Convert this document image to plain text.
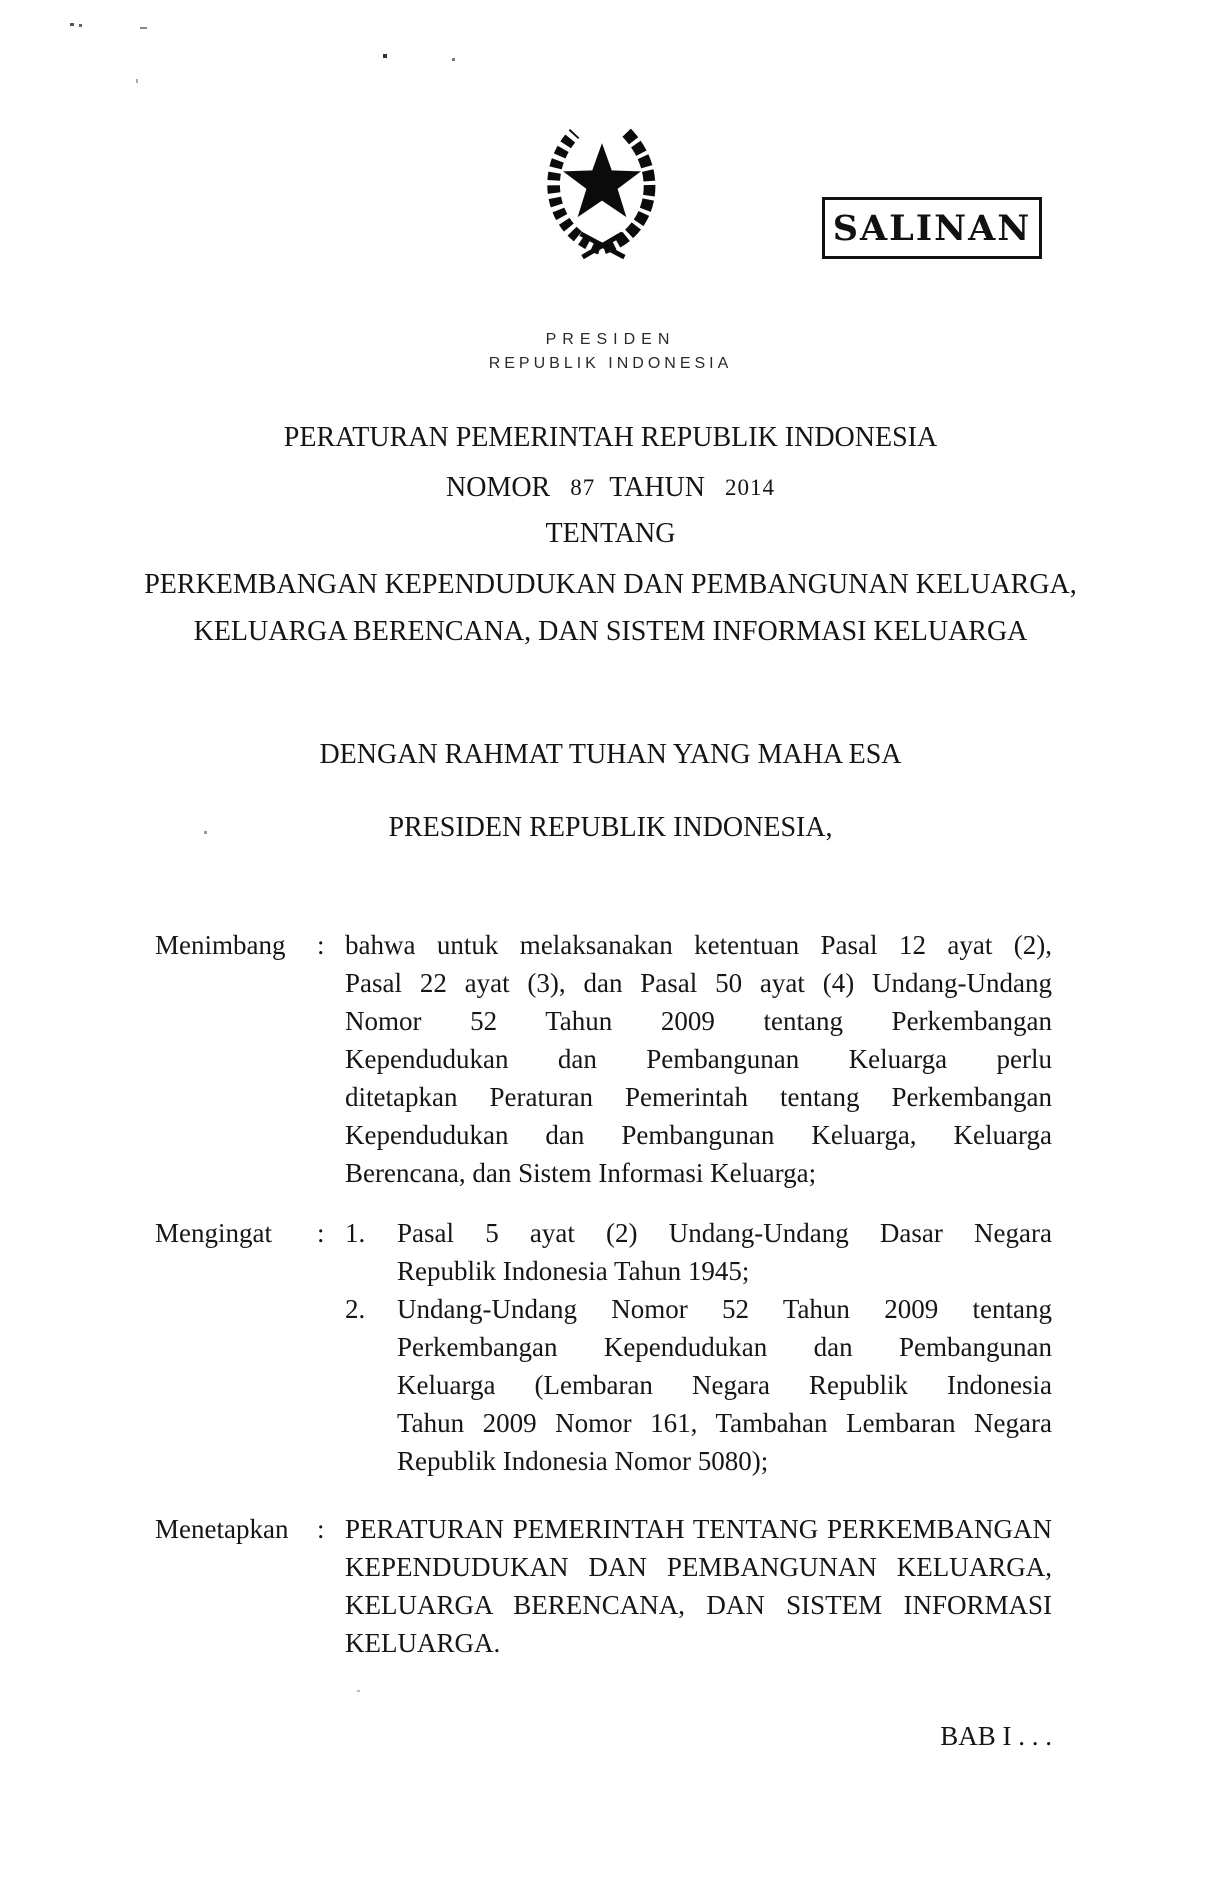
SALINAN
PRESIDEN
REPUBLIK INDONESIA
PERATURAN PEMERINTAH REPUBLIK INDONESIA
NOMOR 87 TAHUN 2014
TENTANG
PERKEMBANGAN KEPENDUDUKAN DAN PEMBANGUNAN KELUARGA,
KELUARGA BERENCANA, DAN SISTEM INFORMASI KELUARGA
DENGAN RAHMAT TUHAN YANG MAHA ESA
PRESIDEN REPUBLIK INDONESIA,
Menimbang	: bahwa untuk melaksanakan ketentuan Pasal 12 ayat (2),
Pasal 22 ayat (3), dan Pasal 50 ayat (4) Undang-Undang
Nomor 52 Tahun 2009 tentang Perkembangan
Kependudukan dan Pembangunan Keluarga perlu
ditetapkan Peraturan Pemerintah tentang Perkembangan
Kependudukan dan Pembangunan Keluarga, Keluarga
Berencana, dan Sistem Informasi Keluarga;
Mengingat	: 1.	Pasal 5 ayat (2) Undang-Undang Dasar Negara
Republik Indonesia Tahun 1945;
2.	Undang-Undang Nomor 52 Tahun 2009 tentang
Perkembangan Kependudukan dan Pembangunan
Keluarga (Lembaran Negara Republik Indonesia
Tahun 2009 Nomor 161, Tambahan Lembaran Negara
Republik Indonesia Nomor 5080);
Menetapkan	: PERATURAN PEMERINTAH TENTANG PERKEMBANGAN
KEPENDUDUKAN DAN PEMBANGUNAN KELUARGA,
KELUARGA BERENCANA, DAN SISTEM INFORMASI
KELUARGA.
BAB I . . .
